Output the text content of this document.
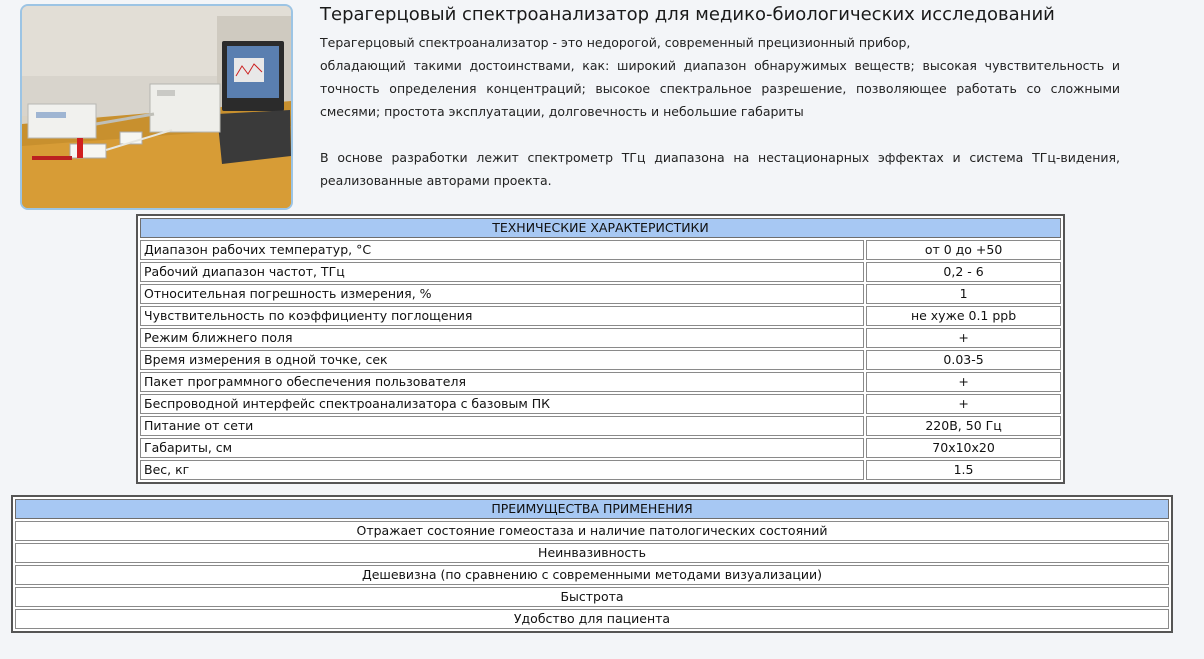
Терагерцовый спектроанализатор для медико-биологических исследований

Терагерцовый спектроанализатор - это недорогой, современный прецизионный прибор,

обладающий такими достоинствами, как: широкий диапазон обнаружимых веществ; высокая чувствительность и точность определения концентраций; высокое спектральное разрешение, позволяющее работать со сложными смесями; простота эксплуатации, долговечность и небольшие габариты

В основе разработки лежит спектрометр ТГц диапазона на нестационарных эффектах и система ТГц-видения, реализованные авторами проекта.

ТЕХНИЧЕСКИЕ ХАРАКТЕРИСТИКИ	
Диапазон рабочих температур, °C	от 0 до +50
Рабочий диапазон частот, ТГц	0,2 - 6
Относительная погрешность измерения, %	1
Чувствительность по коэффициенту поглощения	не хуже 0.1 ppb
Режим ближнего поля	+
Время измерения в одной точке, сек	0.03-5
Пакет программного обеспечения пользователя	+
Беспроводной интерфейс спектроанализатора с базовым ПК	+
Питание от сети	220В, 50 Гц
Габариты, см	70х10х20
Вес, кг	1.5
ПРЕИМУЩЕСТВА ПРИМЕНЕНИЯ
Отражает состояние гомеостаза и наличие патологических состояний
Неинвазивность
Дешевизна (по сравнению с современными методами визуализации)
Быстрота
Удобство для пациента
